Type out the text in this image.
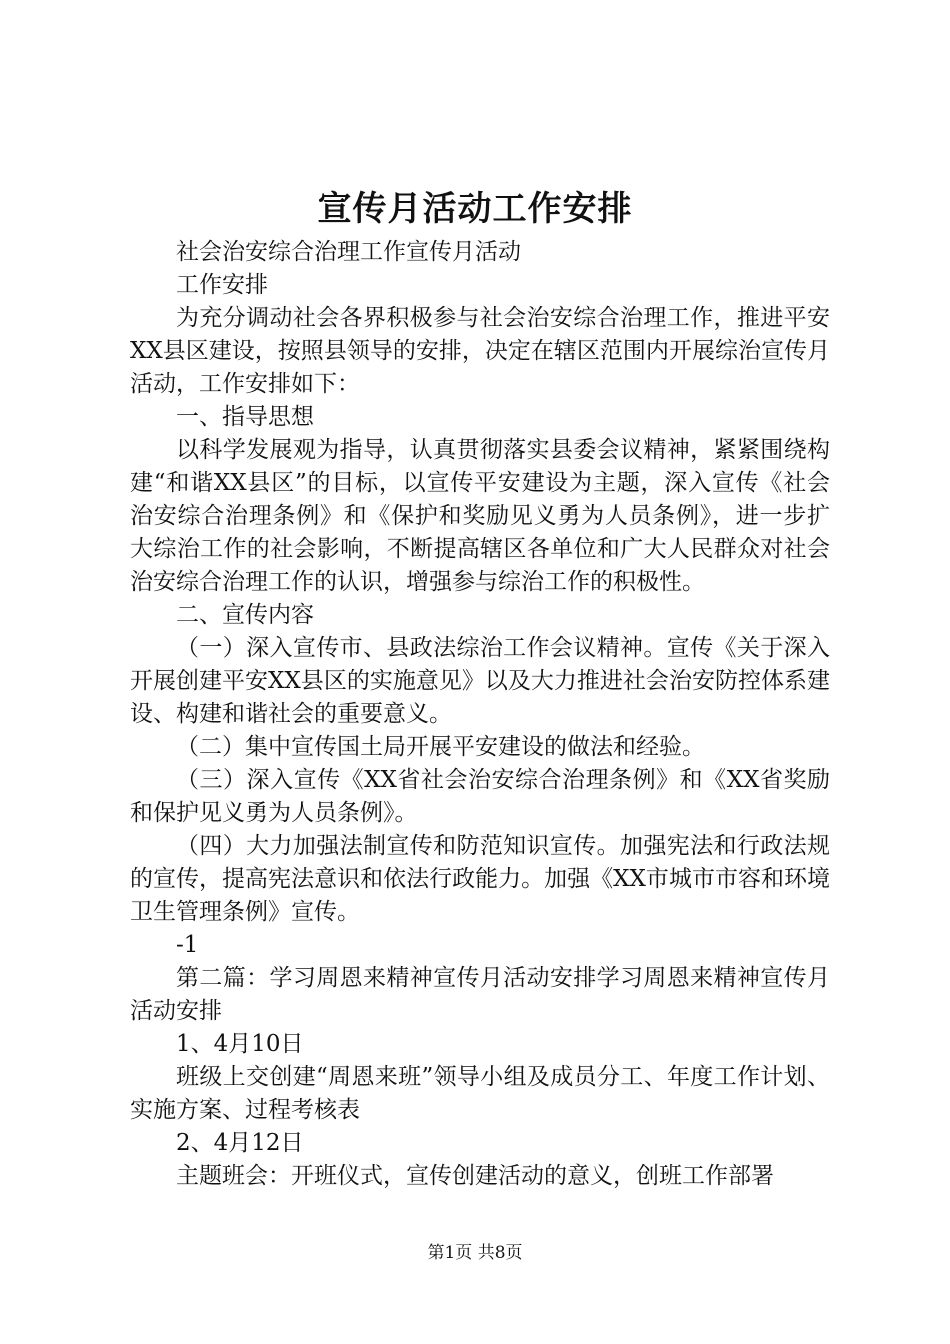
宣传月活动工作安排

社会治安综合治理工作宣传月活动

工作安排

为充分调动社会各界积极参与社会治安综合治理工作，推进平安XX县区建设，按照县领导的安排，决定在辖区范围内开展综治宣传月活动，工作安排如下：

一、指导思想

以科学发展观为指导，认真贯彻落实县委会议精神，紧紧围绕构建“和谐XX县区”的目标，以宣传平安建设为主题，深入宣传《社会治安综合治理条例》和《保护和奖励见义勇为人员条例》，进一步扩大综治工作的社会影响，不断提高辖区各单位和广大人民群众对社会治安综合治理工作的认识，增强参与综治工作的积极性。

二、宣传内容

（一）深入宣传市、县政法综治工作会议精神。宣传《关于深入开展创建平安XX县区的实施意见》以及大力推进社会治安防控体系建设、构建和谐社会的重要意义。

（二）集中宣传国土局开展平安建设的做法和经验。

（三）深入宣传《XX省社会治安综合治理条例》和《XX省奖励和保护见义勇为人员条例》。

（四）大力加强法制宣传和防范知识宣传。加强宪法和行政法规的宣传，提高宪法意识和依法行政能力。加强《XX市城市市容和环境卫生管理条例》宣传。

-1

第二篇：学习周恩来精神宣传月活动安排学习周恩来精神宣传月活动安排

1、4月10日

班级上交创建“周恩来班”领导小组及成员分工、年度工作计划、实施方案、过程考核表

2、4月12日

主题班会：开班仪式，宣传创建活动的意义，创班工作部署

第1页 共8页
